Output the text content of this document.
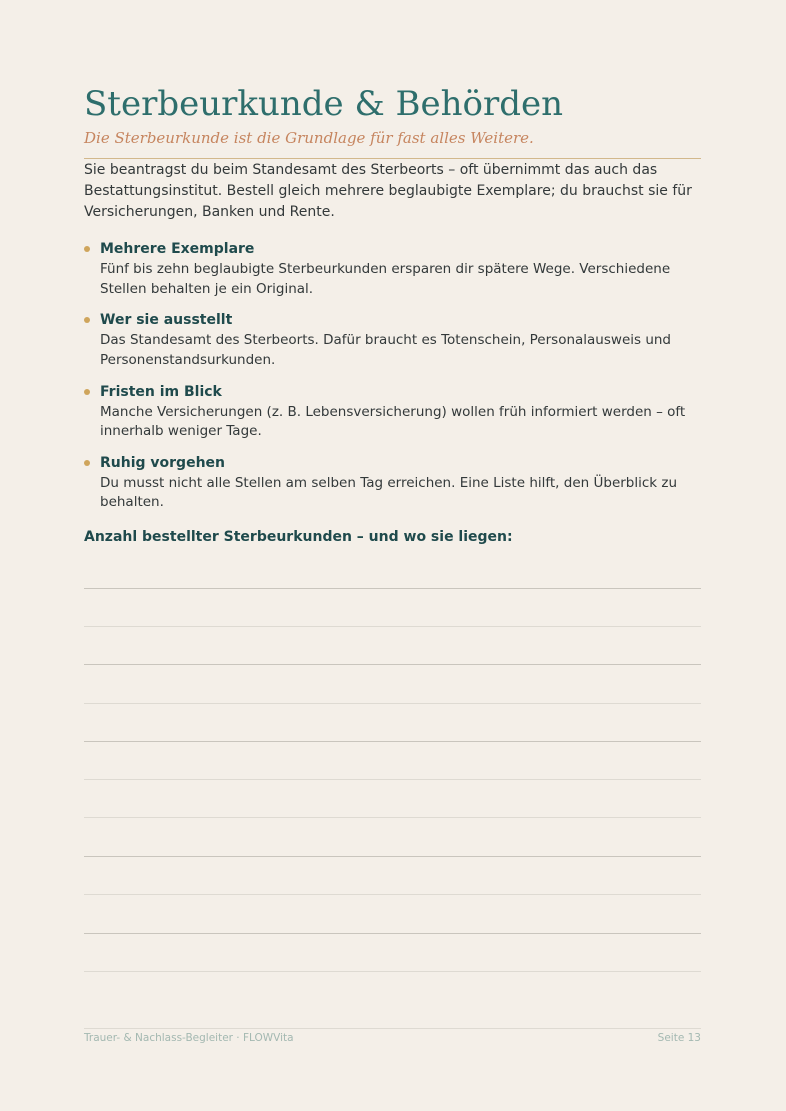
Sterbeurkunde & Behörden

Die Sterbeurkunde ist die Grundlage für fast alles Weitere.

Sie beantragst du beim Standesamt des Sterbeorts – oft übernimmt das auch das Bestattungsinstitut. Bestell gleich mehrere beglaubigte Exemplare; du brauchst sie für Versicherungen, Banken und Rente.

Mehrere Exemplare
Fünf bis zehn beglaubigte Sterbeurkunden ersparen dir spätere Wege. Verschiedene Stellen behalten je ein Original.
Wer sie ausstellt
Das Standesamt des Sterbeorts. Dafür braucht es Totenschein, Personalausweis und Personenstandsurkunden.
Fristen im Blick
Manche Versicherungen (z. B. Lebensversicherung) wollen früh informiert werden – oft innerhalb weniger Tage.
Ruhig vorgehen
Du musst nicht alle Stellen am selben Tag erreichen. Eine Liste hilft, den Überblick zu behalten.

Anzahl bestellter Sterbeurkunden – und wo sie liegen:

Trauer- & Nachlass-Begleiter · FLOWVita	Seite 13
